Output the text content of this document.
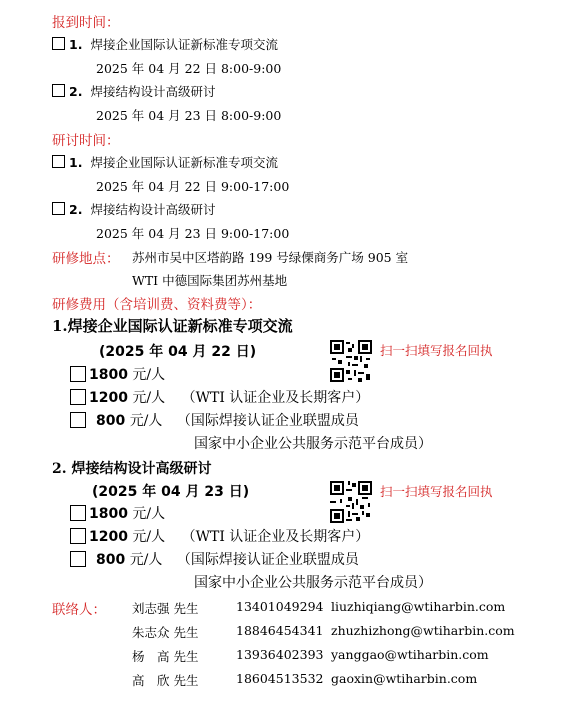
报到时间：
1. 焊接企业国际认证新标准专项交流
2025 年 04 月 22 日 8:00-9:00
2. 焊接结构设计高级研讨
2025 年 04 月 23 日 8:00-9:00
研讨时间：
1. 焊接企业国际认证新标准专项交流
2025 年 04 月 22 日 9:00-17:00
2. 焊接结构设计高级研讨
2025 年 04 月 23 日 9:00-17:00
研修地点： 苏州市吴中区塔韵路 199 号绿傈商务广场 905 室
WTI 中德国际集团苏州基地
研修费用（含培训费、资料费等）：
1.焊接企业国际认证新标准专项交流
(2025 年 04 月 22 日)	扫一扫填写报名回执
1800 元/人
1200 元/人 （WTI 认证企业及长期客户）
800 元/人 （国际焊接认证企业联盟成员
国家中小企业公共服务示范平台成员）
2. 焊接结构设计高级研讨
(2025 年 04 月 23 日)	扫一扫填写报名回执
1800 元/人
1200 元/人 （WTI 认证企业及长期客户）
800 元/人 （国际焊接认证企业联盟成员
国家中小企业公共服务示范平台成员）
联络人： 刘志强 先生	13401049294 liuzhiqiang@wtiharbin.com
朱志众 先生	18846454341 zhuzhizhong@wtiharbin.com
杨　高 先生	13936402393 yanggao@wtiharbin.com
高　欣 先生	18604513532 gaoxin@wtiharbin.com
